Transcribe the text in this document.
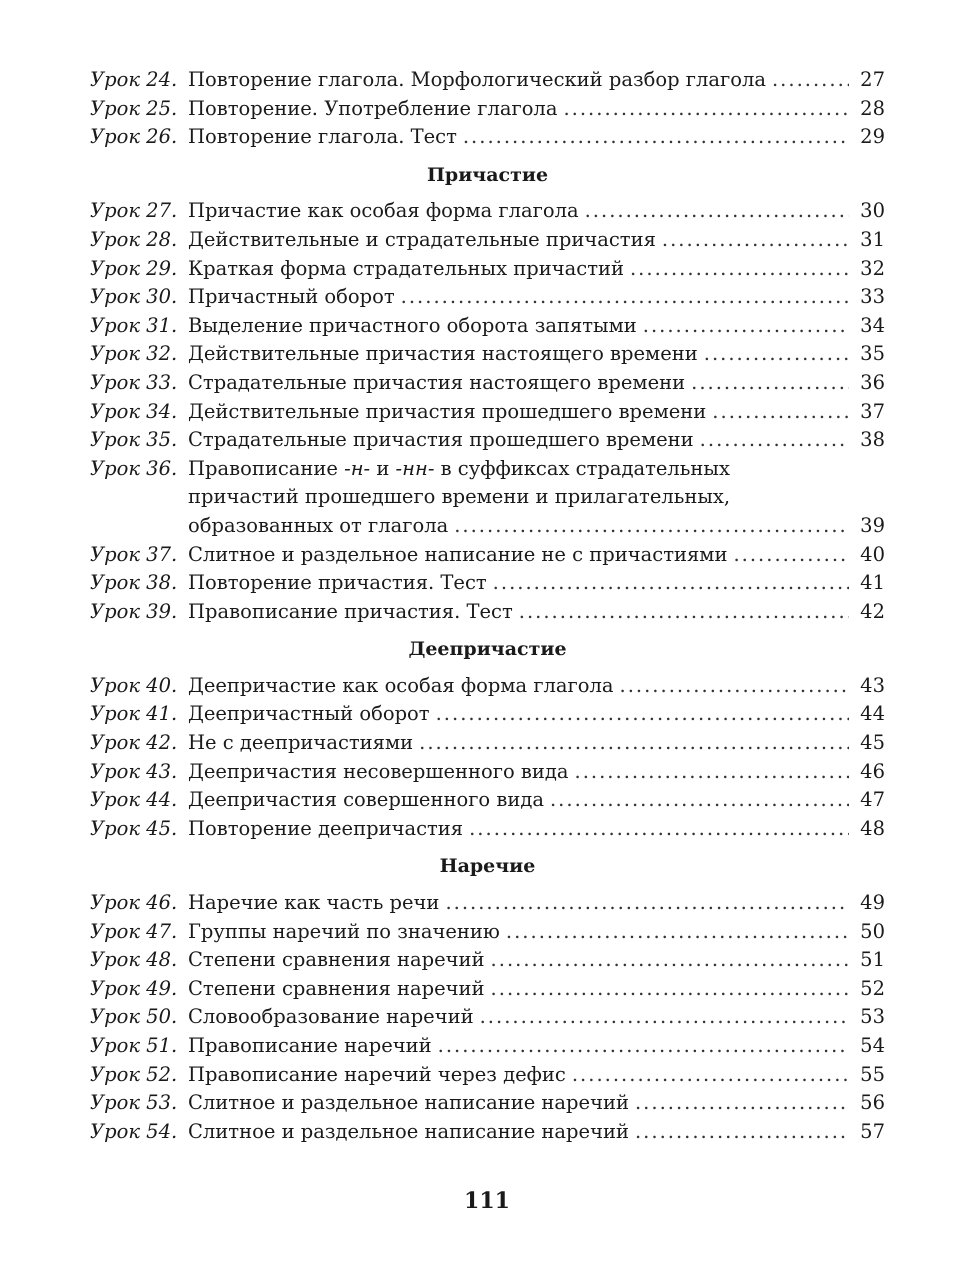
Урок 24. Повторение глагола. Морфологический разбор глагола .....	27
Урок 25. Повторение. Употребление глагола .....	28
Урок 26. Повторение глагола. Тест .....	29
Причастие
Урок 27. Причастие как особая форма глагола .....	30
Урок 28. Действительные и страдательные причастия .....	31
Урок 29. Краткая форма страдательных причастий .....	32
Урок 30. Причастный оборот .....	33
Урок 31. Выделение причастного оборота запятыми .....	34
Урок 32. Действительные причастия настоящего времени .....	35
Урок 33. Страдательные причастия настоящего времени .....	36
Урок 34. Действительные причастия прошедшего времени .....	37
Урок 35. Страдательные причастия прошедшего времени .....	38
Урок 36. Правописание -н- и -нн- в суффиксах страдательных
причастий прошедшего времени и прилагательных,
образованных от глагола .....	39
Урок 37. Слитное и раздельное написание не с причастиями .....	40
Урок 38. Повторение причастия. Тест .....	41
Урок 39. Правописание причастия. Тест .....	42
Деепричастие
Урок 40. Деепричастие как особая форма глагола .....	43
Урок 41. Деепричастный оборот .....	44
Урок 42. Не с деепричастиями .....	45
Урок 43. Деепричастия несовершенного вида .....	46
Урок 44. Деепричастия совершенного вида .....	47
Урок 45. Повторение деепричастия .....	48
Наречие
Урок 46. Наречие как часть речи .....	49
Урок 47. Группы наречий по значению .....	50
Урок 48. Степени сравнения наречий .....	51
Урок 49. Степени сравнения наречий .....	52
Урок 50. Словообразование наречий .....	53
Урок 51. Правописание наречий .....	54
Урок 52. Правописание наречий через дефис .....	55
Урок 53. Слитное и раздельное написание наречий .....	56
Урок 54. Слитное и раздельное написание наречий .....	57
111
